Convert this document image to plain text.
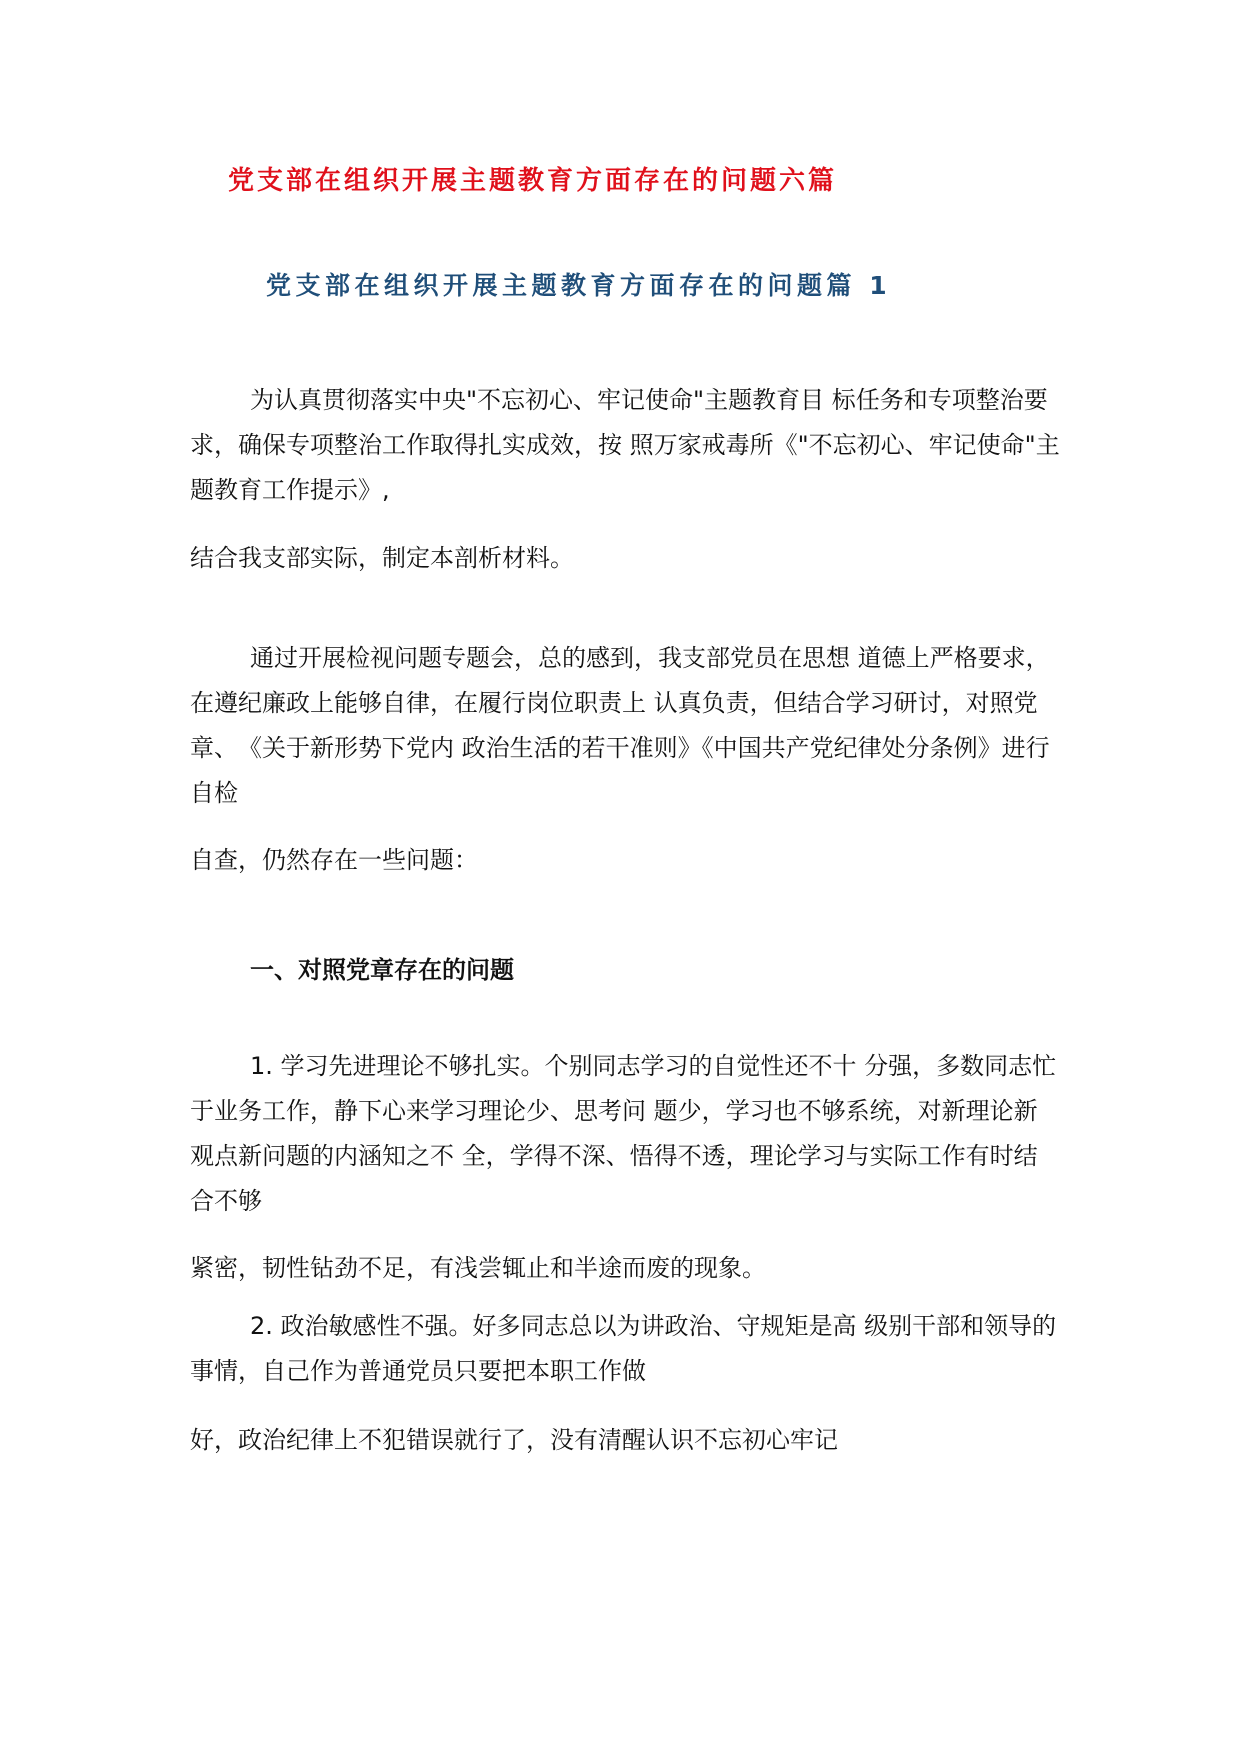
党支部在组织开展主题教育方面存在的问题六篇
党支部在组织开展主题教育方面存在的问题篇 1

为认真贯彻落实中央"不忘初心、牢记使命"主题教育目 标任务和专项整治要求，确保专项整治工作取得扎实成效，按 照万家戒毒所《"不忘初心、牢记使命"主题教育工作提示》,

结合我支部实际，制定本剖析材料。

通过开展检视问题专题会，总的感到，我支部党员在思想 道德上严格要求，在遵纪廉政上能够自律，在履行岗位职责上 认真负责，但结合学习研讨，对照党章、　《关于新形势下党内 政治生活的若干准则》《中国共产党纪律处分条例》进行自检

自查，仍然存在一些问题：

一、对照党章存在的问题

1. 学习先进理论不够扎实。个别同志学习的自觉性还不十 分强，多数同志忙于业务工作，静下心来学习理论少、思考问 题少，学习也不够系统，对新理论新观点新问题的内涵知之不 全，学得不深、悟得不透，理论学习与实际工作有时结合不够

紧密，韧性钻劲不足，有浅尝辄止和半途而废的现象。

2. 政治敏感性不强。好多同志总以为讲政治、守规矩是高 级别干部和领导的事情，自己作为普通党员只要把本职工作做

好，政治纪律上不犯错误就行了，没有清醒认识不忘初心牢记
